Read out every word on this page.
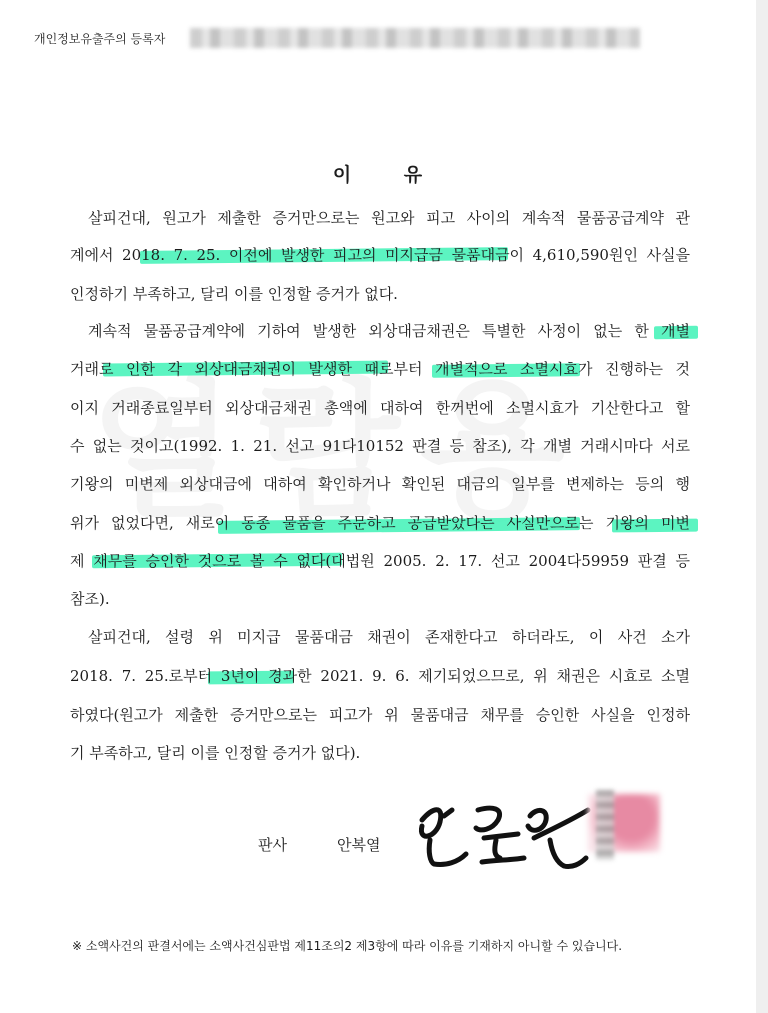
개인정보유출주의 등록자
이 유
살피건대, 원고가 제출한 증거만으로는 원고와 피고 사이의 계속적 물품공급계약 관
계에서 2018. 7. 25. 이전에 발생한 피고의 미지급금 물품대금이 4,610,590원인 사실을
인정하기 부족하고, 달리 이를 인정할 증거가 없다.
계속적 물품공급계약에 기하여 발생한 외상대금채권은 특별한 사정이 없는 한 개별
거래로 인한 각 외상대금채권이 발생한 때로부터 개별적으로 소멸시효가 진행하는 것
이지 거래종료일부터 외상대금채권 총액에 대하여 한꺼번에 소멸시효가 기산한다고 할
수 없는 것이고(1992. 1. 21. 선고 91다10152 판결 등 참조), 각 개별 거래시마다 서로
기왕의 미변제 외상대금에 대하여 확인하거나 확인된 대금의 일부를 변제하는 등의 행
위가 없었다면, 새로이 동종 물품을 주문하고 공급받았다는 사실만으로는 기왕의 미변
제 채무를 승인한 것으로 볼 수 없다(대법원 2005. 2. 17. 선고 2004다59959 판결 등
참조).
살피건대, 설령 위 미지급 물품대금 채권이 존재한다고 하더라도, 이 사건 소가
2018. 7. 25.로부터 3년이 경과한 2021. 9. 6. 제기되었으므로, 위 채권은 시효로 소멸
하였다(원고가 제출한 증거만으로는 피고가 위 물품대금 채무를 승인한 사실을 인정하
기 부족하고, 달리 이를 인정할 증거가 없다).
판사	안복열
※ 소액사건의 판결서에는 소액사건심판법 제11조의2 제3항에 따라 이유를 기재하지 아니할 수 있습니다.
